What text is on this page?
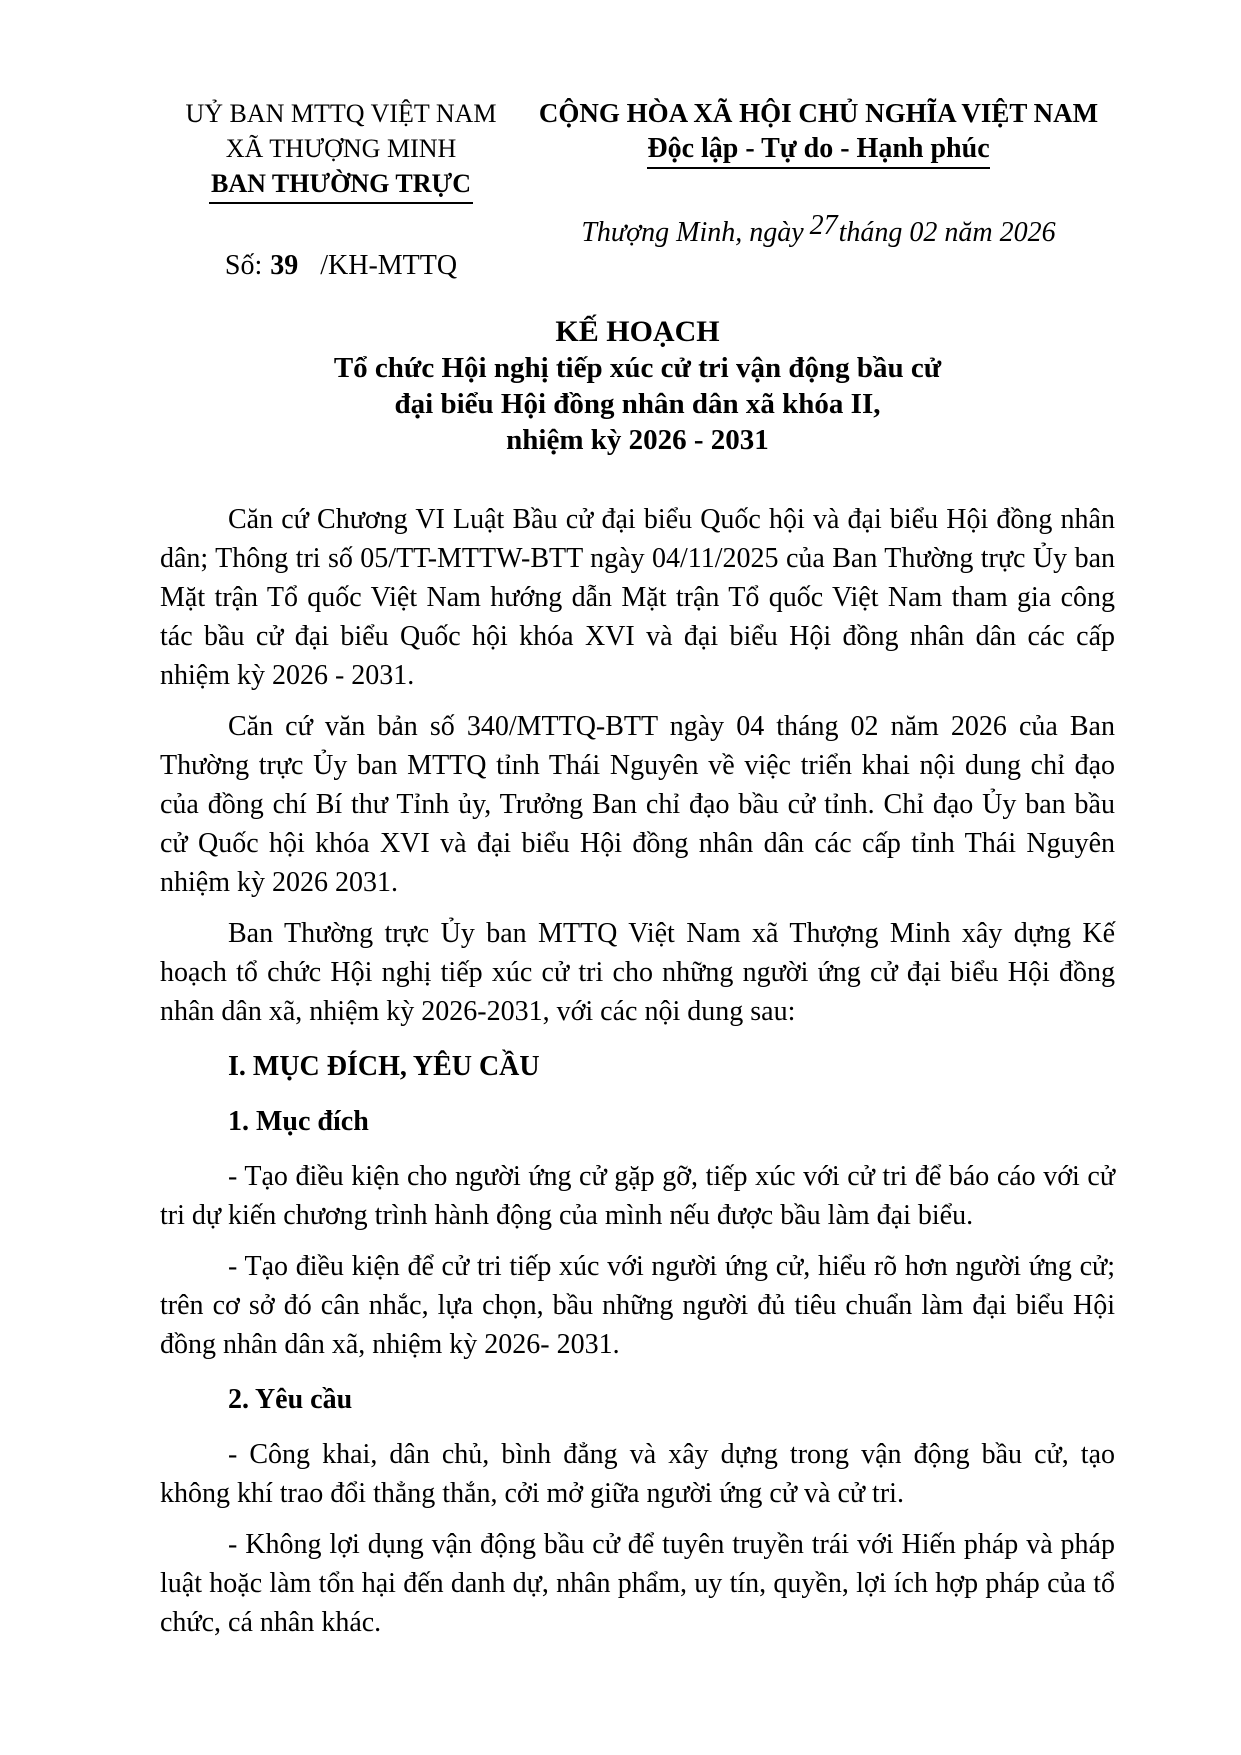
UỶ BAN MTTQ VIỆT NAM
XÃ THƯỢNG MINH
BAN THƯỜNG TRỰC
Số: 39 /KH-MTTQ
CỘNG HÒA XÃ HỘI CHỦ NGHĨA VIỆT NAM
Độc lập - Tự do - Hạnh phúc
Thượng Minh, ngày 27tháng 02 năm 2026
KẾ HOẠCH
Tổ chức Hội nghị tiếp xúc cử tri vận động bầu cử
đại biểu Hội đồng nhân dân xã khóa II,
nhiệm kỳ 2026 - 2031

Căn cứ Chương VI Luật Bầu cử đại biểu Quốc hội và đại biểu Hội đồng nhân dân; Thông tri số 05/TT-MTTW-BTT ngày 04/11/2025 của Ban Thường trực Ủy ban Mặt trận Tổ quốc Việt Nam hướng dẫn Mặt trận Tổ quốc Việt Nam tham gia công tác bầu cử đại biểu Quốc hội khóa XVI và đại biểu Hội đồng nhân dân các cấp nhiệm kỳ 2026 - 2031.

Căn cứ văn bản số 340/MTTQ-BTT ngày 04 tháng 02 năm 2026 của Ban Thường trực Ủy ban MTTQ tỉnh Thái Nguyên về việc triển khai nội dung chỉ đạo của đồng chí Bí thư Tỉnh ủy, Trưởng Ban chỉ đạo bầu cử tỉnh. Chỉ đạo Ủy ban bầu cử Quốc hội khóa XVI và đại biểu Hội đồng nhân dân các cấp tỉnh Thái Nguyên nhiệm kỳ 2026 2031.

Ban Thường trực Ủy ban MTTQ Việt Nam xã Thượng Minh xây dựng Kế hoạch tổ chức Hội nghị tiếp xúc cử tri cho những người ứng cử đại biểu Hội đồng nhân dân xã, nhiệm kỳ 2026-2031, với các nội dung sau:

I. MỤC ĐÍCH, YÊU CẦU
1. Mục đích

- Tạo điều kiện cho người ứng cử gặp gỡ, tiếp xúc với cử tri để báo cáo với cử tri dự kiến chương trình hành động của mình nếu được bầu làm đại biểu.

- Tạo điều kiện để cử tri tiếp xúc với người ứng cử, hiểu rõ hơn người ứng cử; trên cơ sở đó cân nhắc, lựa chọn, bầu những người đủ tiêu chuẩn làm đại biểu Hội đồng nhân dân xã, nhiệm kỳ 2026- 2031.

2. Yêu cầu

- Công khai, dân chủ, bình đẳng và xây dựng trong vận động bầu cử, tạo không khí trao đổi thẳng thắn, cởi mở giữa người ứng cử và cử tri.

- Không lợi dụng vận động bầu cử để tuyên truyền trái với Hiến pháp và pháp luật hoặc làm tổn hại đến danh dự, nhân phẩm, uy tín, quyền, lợi ích hợp pháp của tổ chức, cá nhân khác.
